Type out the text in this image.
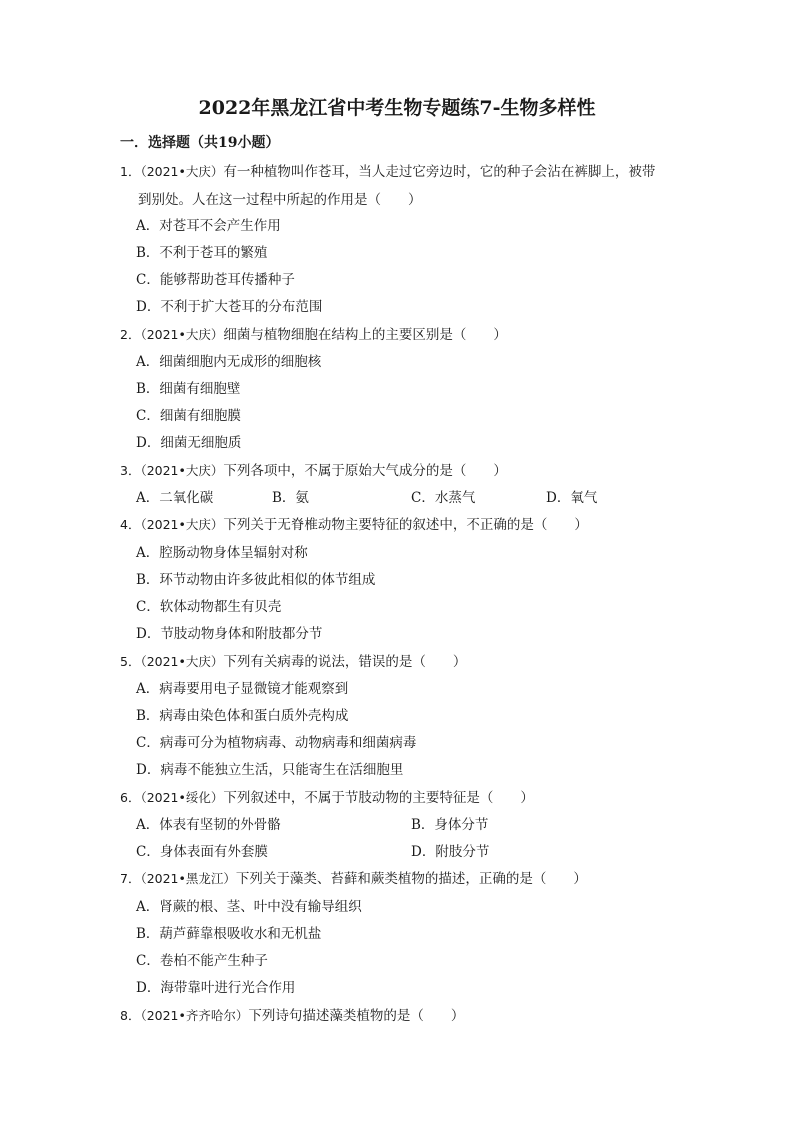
2022年黑龙江省中考生物专题练7-生物多样性
一．选择题（共19小题）
1．（2021•大庆）有一种植物叫作苍耳，当人走过它旁边时，它的种子会沾在裤脚上，被带
到别处。人在这一过程中所起的作用是（　　）
A．对苍耳不会产生作用
B．不利于苍耳的繁殖
C．能够帮助苍耳传播种子
D．不利于扩大苍耳的分布范围
2．（2021•大庆）细菌与植物细胞在结构上的主要区别是（　　）
A．细菌细胞内无成形的细胞核
B．细菌有细胞壁
C．细菌有细胞膜
D．细菌无细胞质
3．（2021•大庆）下列各项中，不属于原始大气成分的是（　　）
A．二氧化碳	B．氨	C．水蒸气	D．氧气
4．（2021•大庆）下列关于无脊椎动物主要特征的叙述中，不正确的是（　　）
A．腔肠动物身体呈辐射对称
B．环节动物由许多彼此相似的体节组成
C．软体动物都生有贝壳
D．节肢动物身体和附肢都分节
5．（2021•大庆）下列有关病毒的说法，错误的是（　　）
A．病毒要用电子显微镜才能观察到
B．病毒由染色体和蛋白质外壳构成
C．病毒可分为植物病毒、动物病毒和细菌病毒
D．病毒不能独立生活，只能寄生在活细胞里
6．（2021•绥化）下列叙述中，不属于节肢动物的主要特征是（　　）
A．体表有坚韧的外骨骼	B．身体分节
C．身体表面有外套膜	D．附肢分节
7．（2021•黑龙江）下列关于藻类、苔藓和蕨类植物的描述，正确的是（　　）
A．肾蕨的根、茎、叶中没有输导组织
B．葫芦藓靠根吸收水和无机盐
C．卷柏不能产生种子
D．海带靠叶进行光合作用
8．（2021•齐齐哈尔）下列诗句描述藻类植物的是（　　）
